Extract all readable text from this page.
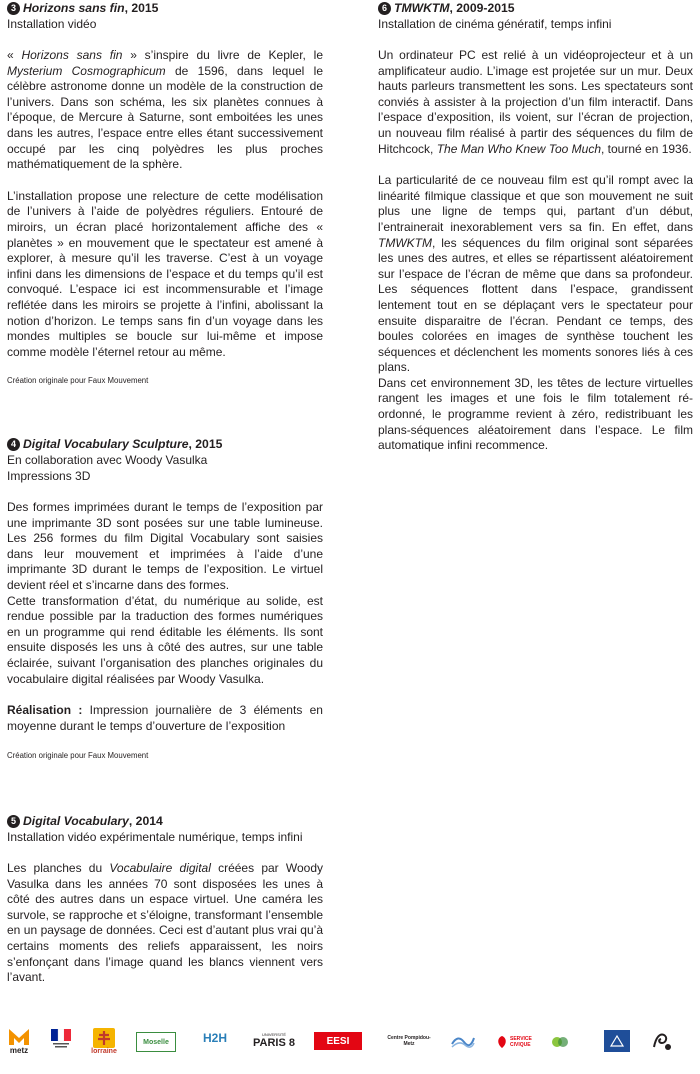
3 Horizons sans fin, 2015

Installation vidéo

« Horizons sans fin » s’inspire du livre de Kepler, le Mysterium Cosmographicum de 1596, dans lequel le célèbre astronome donne un modèle de la construction de l’univers. Dans son schéma, les six planètes connues à l’époque, de Mercure à Saturne, sont emboitées les unes dans les autres, l’espace entre elles étant successivement occupé par les cinq polyèdres les plus proches mathématiquement de la sphère.

L’installation propose une relecture de cette modélisation de l’univers à l’aide de polyèdres réguliers. Entouré de miroirs, un écran placé horizontalement affiche des « planètes » en mouvement que le spectateur est amené à explorer, à mesure qu’il les traverse. C’est à un voyage infini dans les dimensions de l’espace et du temps qu’il est convoqué. L’espace ici est incommensurable et l’image reflétée dans les miroirs se projette à l’infini, abolissant la notion d’horizon. Le temps sans fin d’un voyage dans les mondes multiples se boucle sur lui-même et impose comme modèle l’éternel retour au même.

Création originale pour Faux Mouvement

4 Digital Vocabulary Sculpture, 2015

En collaboration avec Woody Vasulka

Impressions 3D

Des formes imprimées durant le temps de l’exposition par une imprimante 3D sont posées sur une table lumineuse. Les 256 formes du film Digital Vocabulary sont saisies dans leur mouvement et imprimées à l’aide d’une imprimante 3D durant le temps de l’exposition. Le virtuel devient réel et s’incarne dans des formes.

Cette transformation d’état, du numérique au solide, est rendue possible par la traduction des formes numériques en un programme qui rend éditable les éléments. Ils sont ensuite disposés les uns à côté des autres, sur une table éclairée, suivant l’organisation des planches originales du vocabulaire digital réalisées par Woody Vasulka.

Réalisation : Impression journalière de 3 éléments en moyenne durant le temps d’ouverture de l’exposition

Création originale pour Faux Mouvement

5 Digital Vocabulary, 2014

Installation vidéo expérimentale numérique, temps infini

Les planches du Vocabulaire digital créées par Woody Vasulka dans les années 70 sont disposées les unes à côté des autres dans un espace virtuel. Une caméra les survole, se rapproche et s’éloigne, transformant l’ensemble en un paysage de données. Ceci est d’autant plus vrai qu’à certains moments des reliefs apparaissent, les noirs s’enfonçant dans l’image quand les blancs viennent vers l’avant.

6 TMWKTM, 2009-2015

Installation de cinéma génératif, temps infini

Un ordinateur PC est relié à un vidéoprojecteur et à un amplificateur audio. L’image est projetée sur un mur. Deux hauts parleurs transmettent les sons. Les spectateurs sont conviés à assister à la projection d’un film interactif. Dans l’espace d’exposition, ils voient, sur l’écran de projection, un nouveau film réalisé à partir des séquences du film de Hitchcock, The Man Who Knew Too Much, tourné en 1936.

La particularité de ce nouveau film est qu’il rompt avec la linéarité filmique classique et que son mouvement ne suit plus une ligne de temps qui, partant d’un début, l’entrainerait inexorablement vers sa fin. En effet, dans TMWKTM, les séquences du film original sont séparées les unes des autres, et elles se répartissent aléatoirement sur l’espace de l’écran de même que dans sa profondeur. Les séquences flottent dans l’espace, grandissent lentement tout en se déplaçant vers le spectateur pour ensuite disparaitre de l’écran. Pendant ce temps, des boules colorées en images de synthèse touchent les séquences et déclenchent les moments sonores liés à ces plans.

Dans cet environnement 3D, les têtes de lecture virtuelles rangent les images et une fois le film totalement ré-ordonné, le programme revient à zéro, redistribuant les plans-séquences aléatoirement dans l’espace. Le film automatique infini recommence.

metz	lorraine
Moselle	H2H	UNIVERSITÉ
PARIS 8	EESI	Centre Pompidou-Metz
SERVICE CIVIQUE
